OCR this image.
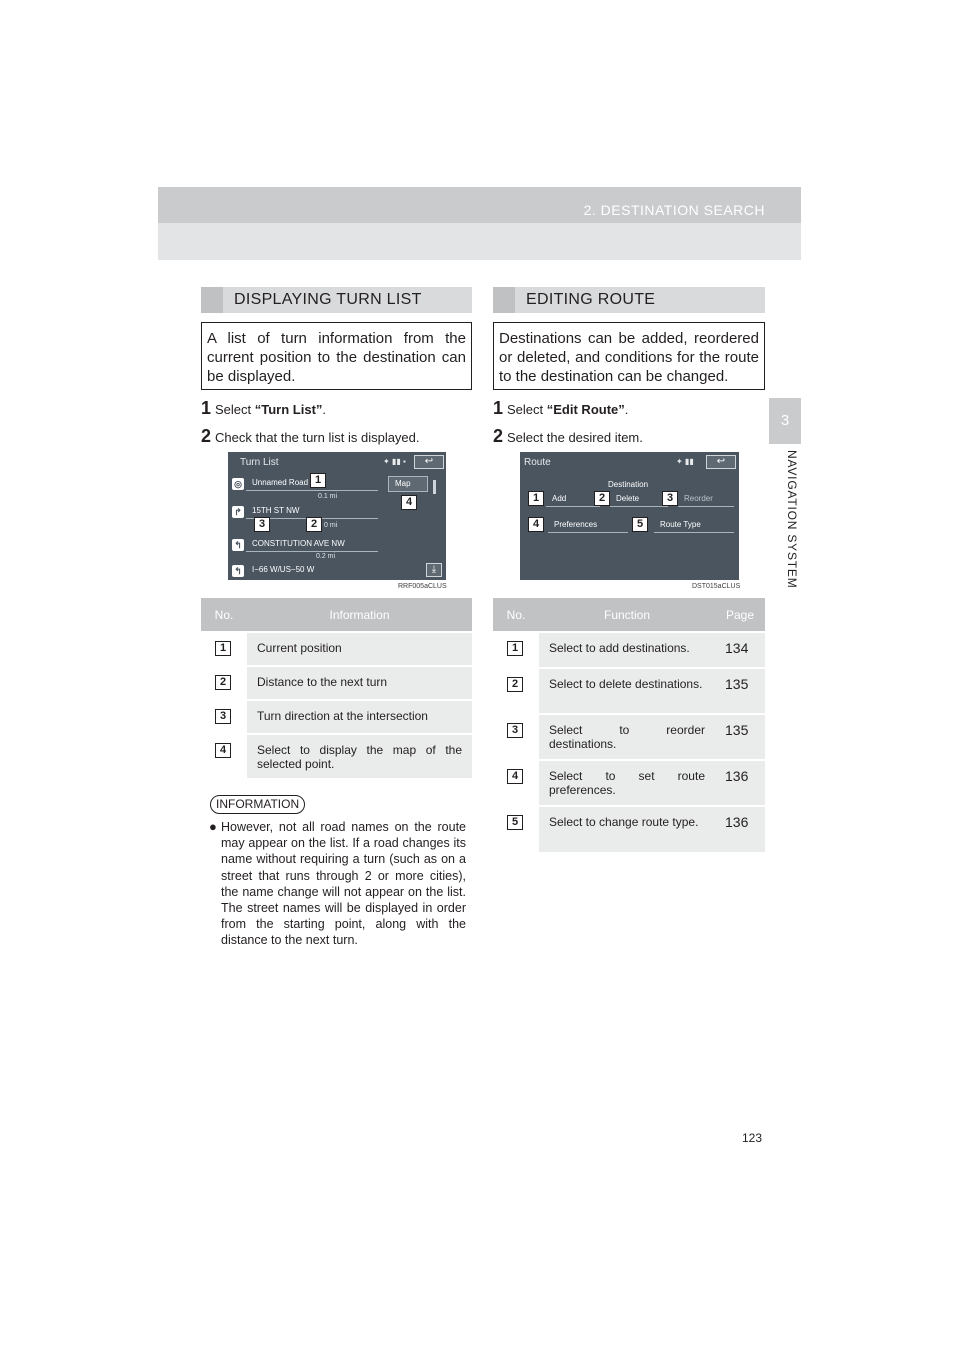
2. DESTINATION SEARCH
3
NAVIGATION SYSTEM
DISPLAYING TURN LIST
A list of turn information from the current position to the destination can be displayed.
1 Select “Turn List”.
2 Check that the turn list is displayed.
Turn List	✦ ▮▮ ▪	↩
◎	Unnamed Road	Map
0.1 mi
↱	15TH ST NW
0 mi
↰	CONSTITUTION AVE NW
0.2 mi
↰	I−66 W/US−50 W	⤓
1
4
3	2
RRF005aCLUS
No.	Information

1	Current position

2	Distance to the next turn

3	Turn direction at the intersection

4	Select to display the map of the selected point.
INFORMATION
● However, not all road names on the route may appear on the list. If a road changes its name without requiring a turn (such as on a street that runs through 2 or more cities), the name change will not appear on the list. The street names will be displayed in order from the starting point, along with the distance to the next turn.

EDITING ROUTE
Destinations can be added, reordered or deleted, and conditions for the route to the destination can be changed.
1 Select “Edit Route”.
2 Select the desired item.
Route	✦ ▮▮	↩
Destination
Add	Delete	Reorder
Preferences	Route Type
1	2	3
4	5
DST015aCLUS
No.	Function	Page

1	Select to add destinations.	134

2	Select to delete destinations.	135

3	Select to reorder destinations.	135

4	Select to set route preferences.	136

5	Select to change route type.	136
123
